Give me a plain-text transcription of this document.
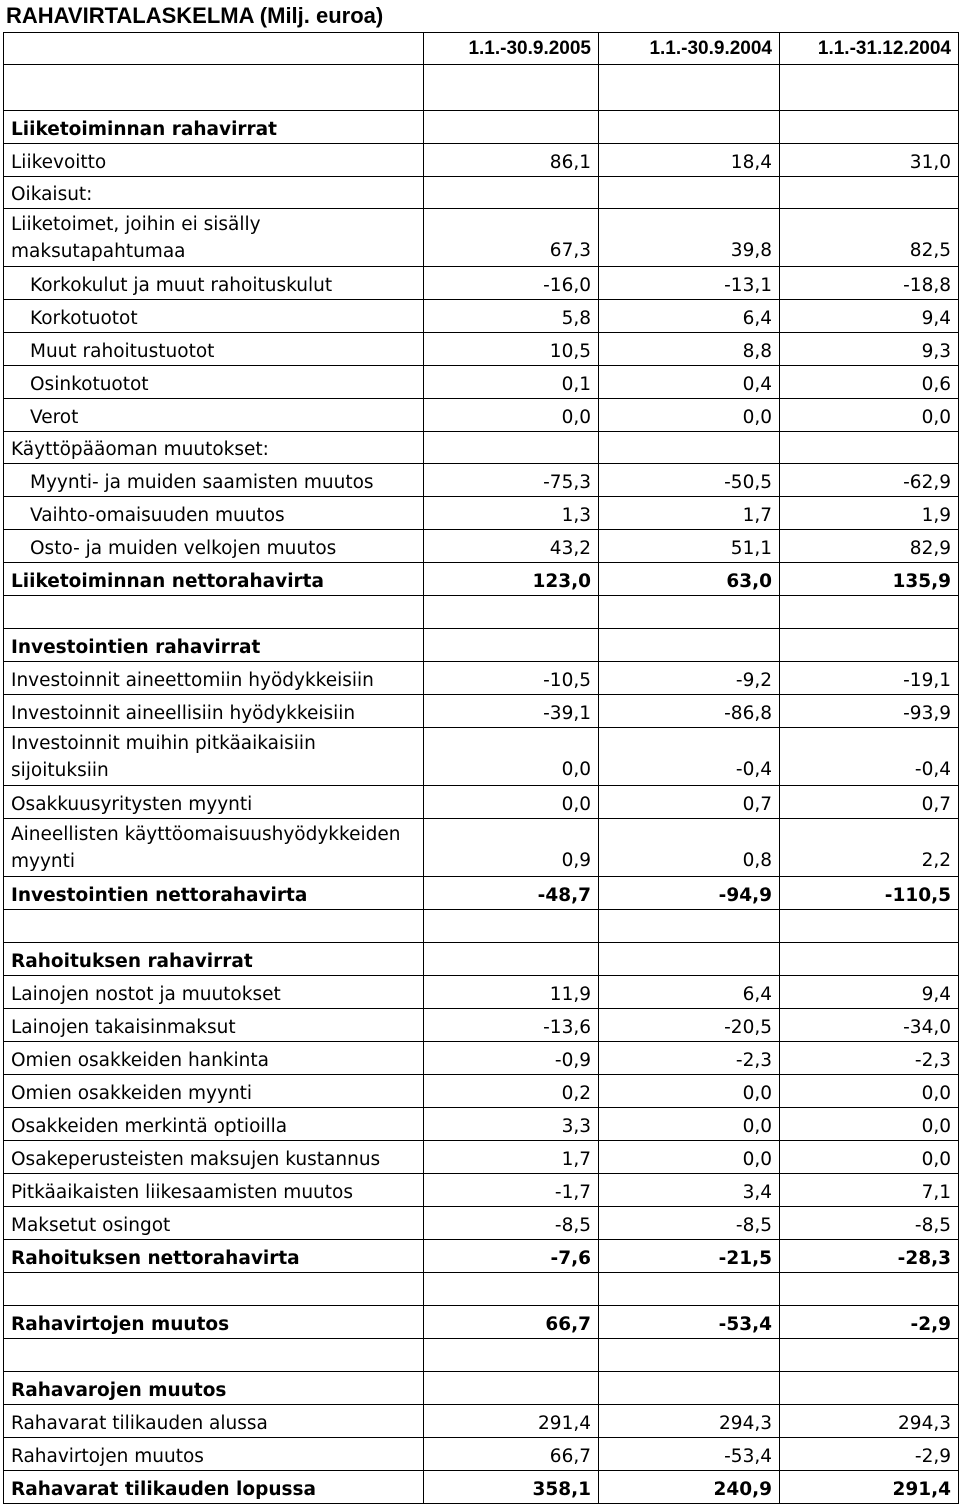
RAHAVIRTALASKELMA (Milj. euroa)
	1.1.-30.9.2005	1.1.-30.9.2004	1.1.-31.12.2004

Liiketoiminnan rahavirrat			
Liikevoitto	86,1	18,4	31,0
Oikaisut:			
Liiketoimet, joihin ei sisälly maksutapahtumaa	67,3	39,8	82,5
Korkokulut ja muut rahoituskulut	-16,0	-13,1	-18,8
Korkotuotot	5,8	6,4	9,4
Muut rahoitustuotot	10,5	8,8	9,3
Osinkotuotot	0,1	0,4	0,6
Verot	0,0	0,0	0,0
Käyttöpääoman muutokset:			
Myynti- ja muiden saamisten muutos	-75,3	-50,5	-62,9
Vaihto-omaisuuden muutos	1,3	1,7	1,9
Osto- ja muiden velkojen muutos	43,2	51,1	82,9
Liiketoiminnan nettorahavirta	123,0	63,0	135,9

Investointien rahavirrat			
Investoinnit aineettomiin hyödykkeisiin	-10,5	-9,2	-19,1
Investoinnit aineellisiin hyödykkeisiin	-39,1	-86,8	-93,9
Investoinnit muihin pitkäaikaisiin sijoituksiin	0,0	-0,4	-0,4
Osakkuusyritysten myynti	0,0	0,7	0,7
Aineellisten käyttöomaisuushyödykkeiden myynti	0,9	0,8	2,2
Investointien nettorahavirta	-48,7	-94,9	-110,5

Rahoituksen rahavirrat			
Lainojen nostot ja muutokset	11,9	6,4	9,4
Lainojen takaisinmaksut	-13,6	-20,5	-34,0
Omien osakkeiden hankinta	-0,9	-2,3	-2,3
Omien osakkeiden myynti	0,2	0,0	0,0
Osakkeiden merkintä optioilla	3,3	0,0	0,0
Osakeperusteisten maksujen kustannus	1,7	0,0	0,0
Pitkäaikaisten liikesaamisten muutos	-1,7	3,4	7,1
Maksetut osingot	-8,5	-8,5	-8,5
Rahoituksen nettorahavirta	-7,6	-21,5	-28,3

Rahavirtojen muutos	66,7	-53,4	-2,9

Rahavarojen muutos			
Rahavarat tilikauden alussa	291,4	294,3	294,3
Rahavirtojen muutos	66,7	-53,4	-2,9
Rahavarat tilikauden lopussa	358,1	240,9	291,4
